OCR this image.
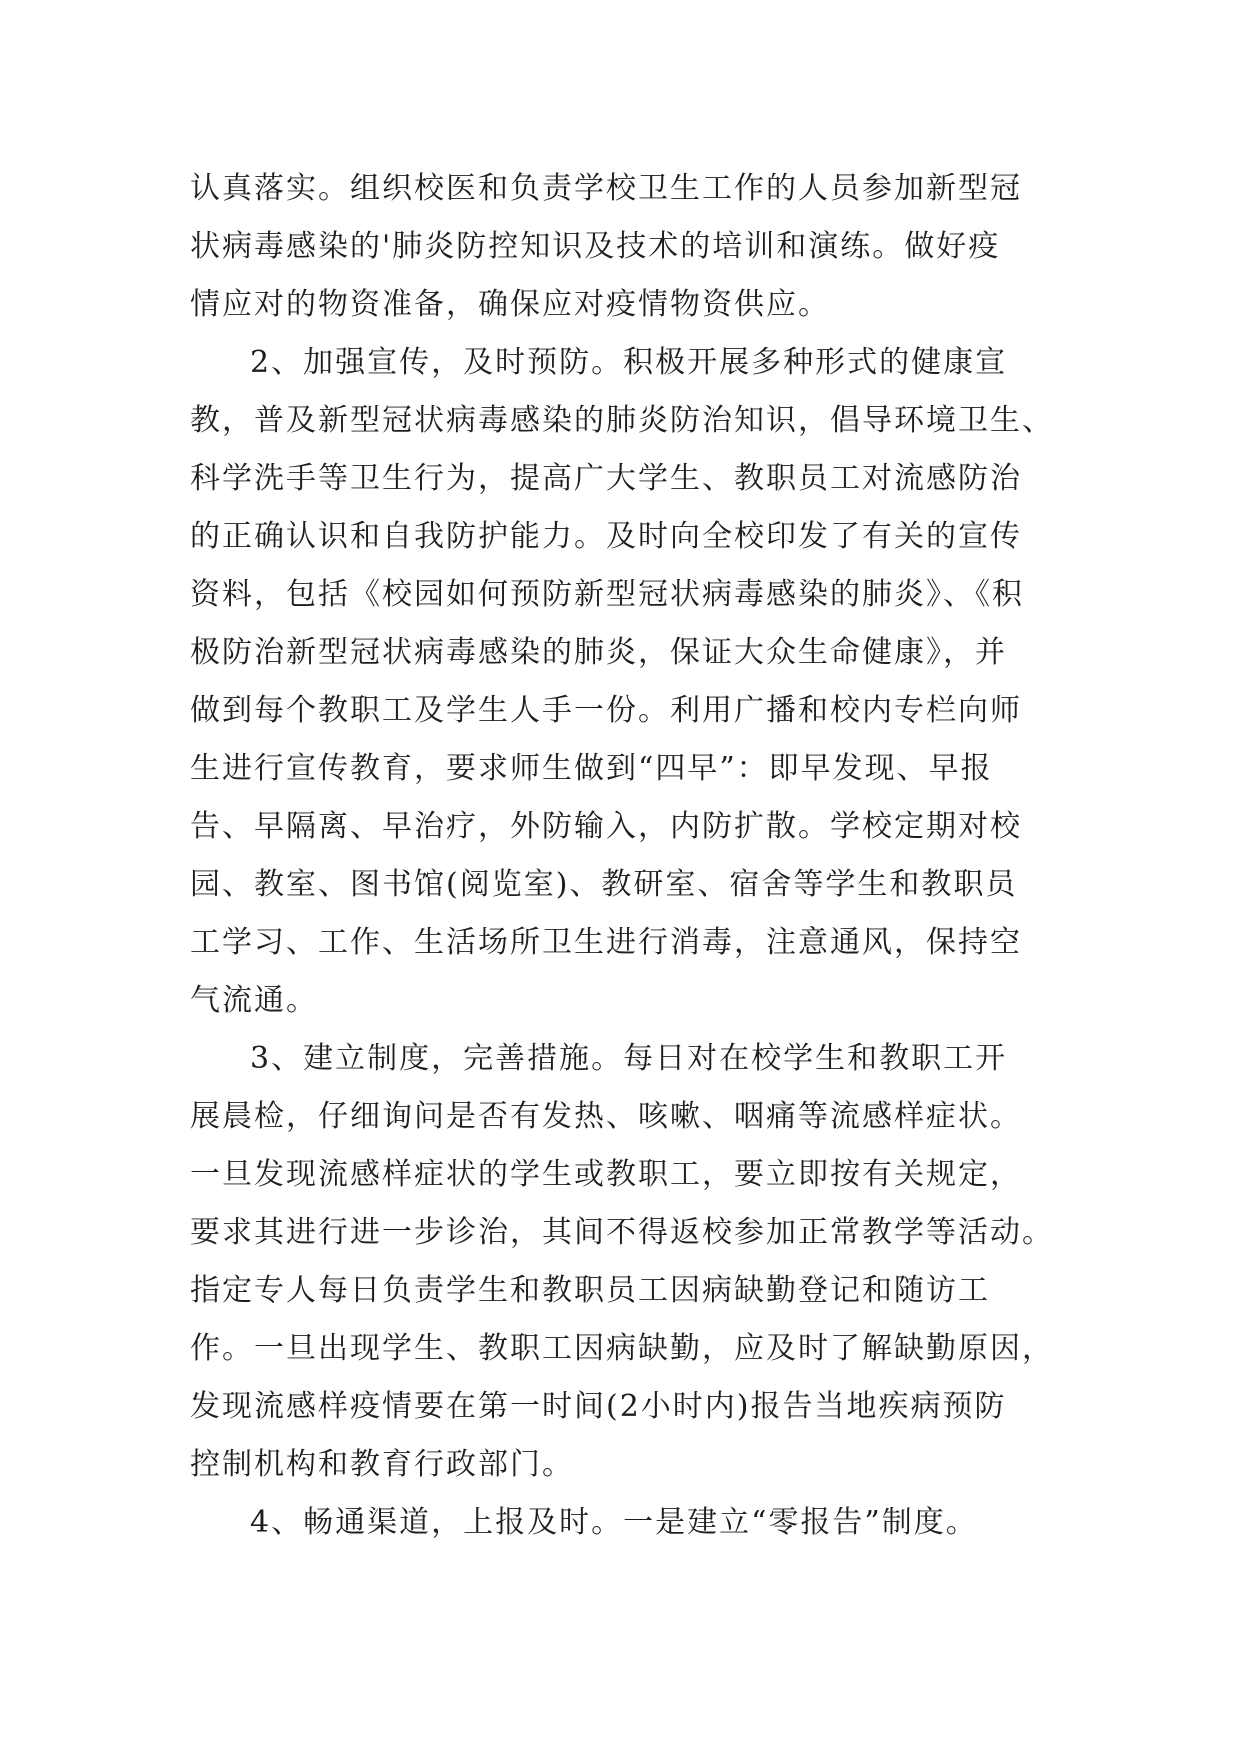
认真落实。组织校医和负责学校卫生工作的人员参加新型冠
状病毒感染的'肺炎防控知识及技术的培训和演练。做好疫
情应对的物资准备，确保应对疫情物资供应。
2、加强宣传，及时预防。积极开展多种形式的健康宣
教，普及新型冠状病毒感染的肺炎防治知识，倡导环境卫生、
科学洗手等卫生行为，提高广大学生、教职员工对流感防治
的正确认识和自我防护能力。及时向全校印发了有关的宣传
资料，包括《校园如何预防新型冠状病毒感染的肺炎》、《积
极防治新型冠状病毒感染的肺炎，保证大众生命健康》，并
做到每个教职工及学生人手一份。利用广播和校内专栏向师
生进行宣传教育，要求师生做到“四早”：即早发现、早报
告、早隔离、早治疗，外防输入，内防扩散。学校定期对校
园、教室、图书馆(阅览室)、教研室、宿舍等学生和教职员
工学习、工作、生活场所卫生进行消毒，注意通风，保持空
气流通。
3、建立制度，完善措施。每日对在校学生和教职工开
展晨检，仔细询问是否有发热、咳嗽、咽痛等流感样症状。
一旦发现流感样症状的学生或教职工，要立即按有关规定，
要求其进行进一步诊治，其间不得返校参加正常教学等活动。
指定专人每日负责学生和教职员工因病缺勤登记和随访工
作。一旦出现学生、教职工因病缺勤，应及时了解缺勤原因，
发现流感样疫情要在第一时间(2小时内)报告当地疾病预防
控制机构和教育行政部门。
4、畅通渠道，上报及时。一是建立“零报告”制度。
